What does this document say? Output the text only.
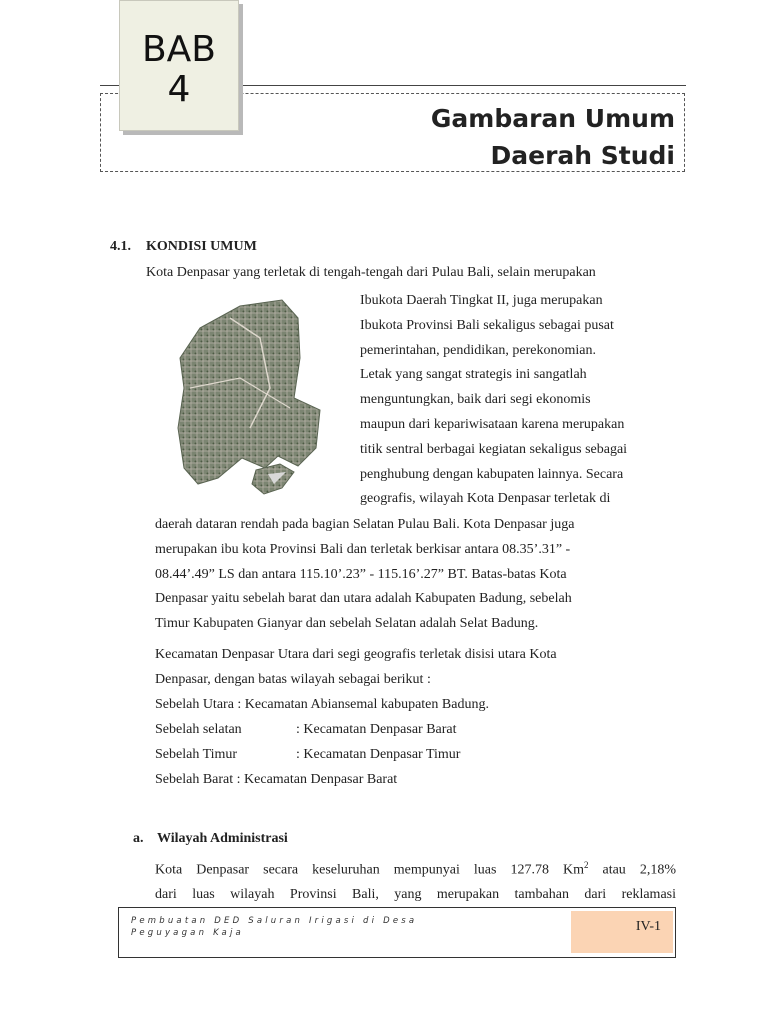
BAB
4
Gambaran Umum
Daerah Studi
4.1. KONDISI UMUM
Kota Denpasar yang terletak di tengah-tengah dari Pulau Bali, selain merupakan
Ibukota Daerah Tingkat II, juga merupakan
Ibukota Provinsi Bali sekaligus sebagai pusat
pemerintahan, pendidikan, perekonomian.
Letak yang sangat strategis ini sangatlah
menguntungkan, baik dari segi ekonomis
maupun dari kepariwisataan karena merupakan
titik sentral berbagai kegiatan sekaligus sebagai
penghubung dengan kabupaten lainnya. Secara
geografis, wilayah Kota Denpasar terletak di
daerah dataran rendah pada bagian Selatan Pulau Bali. Kota Denpasar juga
merupakan ibu kota Provinsi Bali dan terletak berkisar antara 08.35’.31” -
08.44’.49” LS dan antara 115.10’.23” - 115.16’.27” BT. Batas-batas Kota
Denpasar yaitu sebelah barat dan utara adalah Kabupaten Badung, sebelah
Timur Kabupaten Gianyar dan sebelah Selatan adalah Selat Badung.
Kecamatan Denpasar Utara dari segi geografis terletak disisi utara Kota
Denpasar, dengan batas wilayah sebagai berikut :
Sebelah Utara : Kecamatan Abiansemal kabupaten Badung.
Sebelah selatan	: Kecamatan Denpasar Barat
Sebelah Timur	: Kecamatan Denpasar Timur
Sebelah Barat : Kecamatan Denpasar Barat
a. Wilayah Administrasi
Kota Denpasar secara keseluruhan mempunyai luas 127.78 Km$^2$ atau 2,18%
dari luas wilayah Provinsi Bali, yang merupakan tambahan dari reklamasi
Pembuatan DED Saluran Irigasi di Desa
Peguyagan Kaja	IV-1
